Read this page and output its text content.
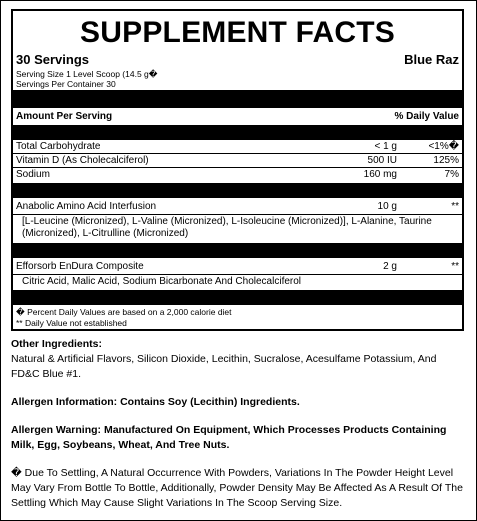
SUPPLEMENT FACTS
30 Servings	Blue Raz
Serving Size 1 Level Scoop (14.5 g�
Servings Per Container 30
Amount Per Serving	% Daily Value
Total Carbohydrate	< 1 g	<1%�
Vitamin D (As Cholecalciferol)	500 IU	125%
Sodium	160 mg	7%
Anabolic Amino Acid Interfusion	10 g	**
[L-Leucine (Micronized), L-Valine (Micronized), L-Isoleucine (Micronized)], L-Alanine, Taurine (Micronized), L-Citrulline (Micronized)
Efforsorb EnDura Composite	2 g	**
Citric Acid, Malic Acid, Sodium Bicarbonate And Cholecalciferol
� Percent Daily Values are based on a 2,000 calorie diet
** Daily Value not established
Other Ingredients:
Natural & Artificial Flavors, Silicon Dioxide, Lecithin, Sucralose, Acesulfame Potassium, And FD&C Blue #1.
Allergen Information: Contains Soy (Lecithin) Ingredients.
Allergen Warning: Manufactured On Equipment, Which Processes Products Containing Milk, Egg, Soybeans, Wheat, And Tree Nuts.
� Due To Settling, A Natural Occurrence With Powders, Variations In The Powder Height Level May Vary From Bottle To Bottle, Additionally, Powder Density May Be Affected As A Result Of The Settling Which May Cause Slight Variations In The Scoop Serving Size.
